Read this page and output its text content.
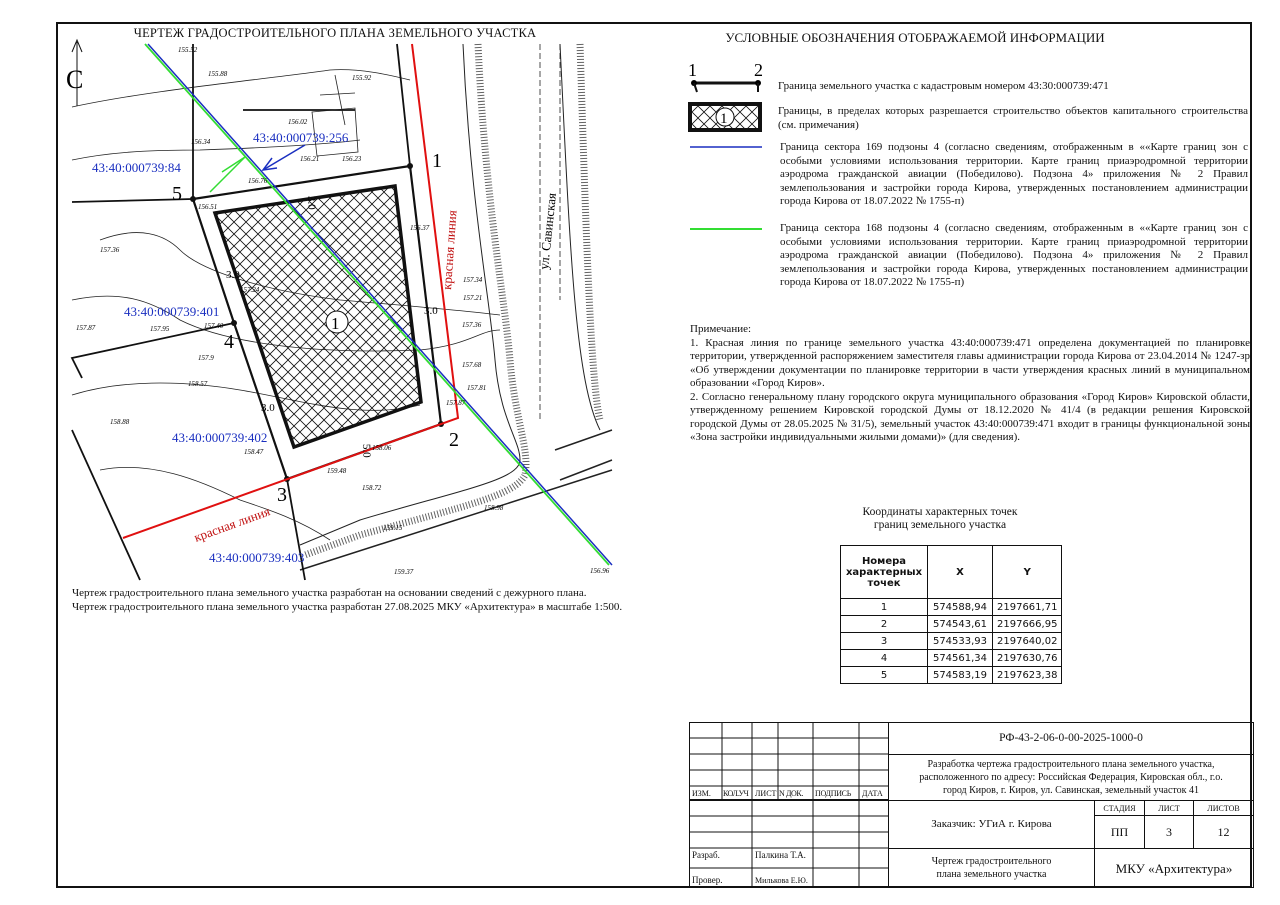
ЧЕРТЕЖ ГРАДОСТРОИТЕЛЬНОГО ПЛАНА ЗЕМЕЛЬНОГО УЧАСТКА
С
1
1
2
3
4
5
красная линия
красная линия
ул. Савинская
43:40:000739:256
43:40:000739:84
43:40:000739:401
43:40:000739:402
43:40:000739:403
3.0
3.0
3.0
3.0
5.0
155.52
155.88	155.92
156.02
156.21	156.23
156.34
156.76
156.51
156.37
157.36
157.24
157.40
157.95
157.87
157.9
158.57
158.88
158.47
159.48
158.06
157.34
157.21
157.36
157.68
157.81
157.87
158.98
158.72
159.15
159.37	156.96
УСЛОВНЫЕ ОБОЗНАЧЕНИЯ ОТОБРАЖАЕМОЙ ИНФОРМАЦИИ
1	2
1
Граница земельного участка с кадастровым номером 43:30:000739:471
Границы, в пределах которых разрешается строительство объектов капитального строительства (см. примечания)
Граница сектора 169 подзоны 4 (согласно сведениям, отображенным в ««Карте границ зон с особыми условиями использования территории. Карте границ приаэродромной территории аэродрома гражданской авиации (Победилово). Подзона 4» приложения № 2 Правил землепользования и застройки города Кирова, утвержденных постановлением администрации города Кирова от 18.07.2022 № 1755-п)
Граница сектора 168 подзоны 4 (согласно сведениям, отображенным в ««Карте границ зон с особыми условиями использования территории. Карте границ приаэродромной территории аэродрома гражданской авиации (Победилово). Подзона 4» приложения № 2 Правил землепользования и застройки города Кирова, утвержденных постановлением администрации города Кирова от 18.07.2022 № 1755-п)

Примечание:

1. Красная линия по границе земельного участка 43:40:000739:471 определена документацией по планировке территории, утвержденной распоряжением заместителя главы администрации города Кирова от 23.04.2014 № 1247-зр «Об утверждении документации по планировке территории в части утверждения красных линий в муниципальном образовании «Город Киров».

2. Согласно генеральному плану городского округа муниципального образования «Город Киров» Кировской области, утвержденному решением Кировской городской Думы от 18.12.2020 № 41/4 (в редакции решения Кировской городской Думы от 28.05.2025 № 31/5), земельный участок 43:40:000739:471 входит в границы функциональной зоны «Зона застройки индивидуальными жилыми домами)» (для сведения).

Чертеж градостроительного плана земельного участка разработан на основании сведений с дежурного плана.
Чертеж градостроительного плана земельного участка разработан 27.08.2025 МКУ «Архитектура» в масштабе 1:500.
Координаты характерных точек
границ земельного участка
Номера характерных точек	X	Y
1	574588,94	2197661,71
2	574543,61	2197666,95
3	574533,93	2197640,02
4	574561,34	2197630,76
5	574583,19	2197623,38
ИЗМ. КОЛ.УЧ ЛИСТ N ДОК. ПОДПИСЬ ДАТА
Разраб.	Палкина Т.А.
Провер.	Милькова Е.Ю.
РФ-43-2-06-0-00-2025-1000-0
Разработка чертежа градостроительного плана земельного участка, расположенного по адресу: Российская Федерация, Кировская обл., г.о. город Киров, г. Киров, ул. Савинская, земельный участок 41
Заказчик: УГиА г. Кирова
СТАДИЯ	ЛИСТ	ЛИСТОВ
ПП	3	12
Чертеж градостроительного плана земельного участка	МКУ «Архитектура»
